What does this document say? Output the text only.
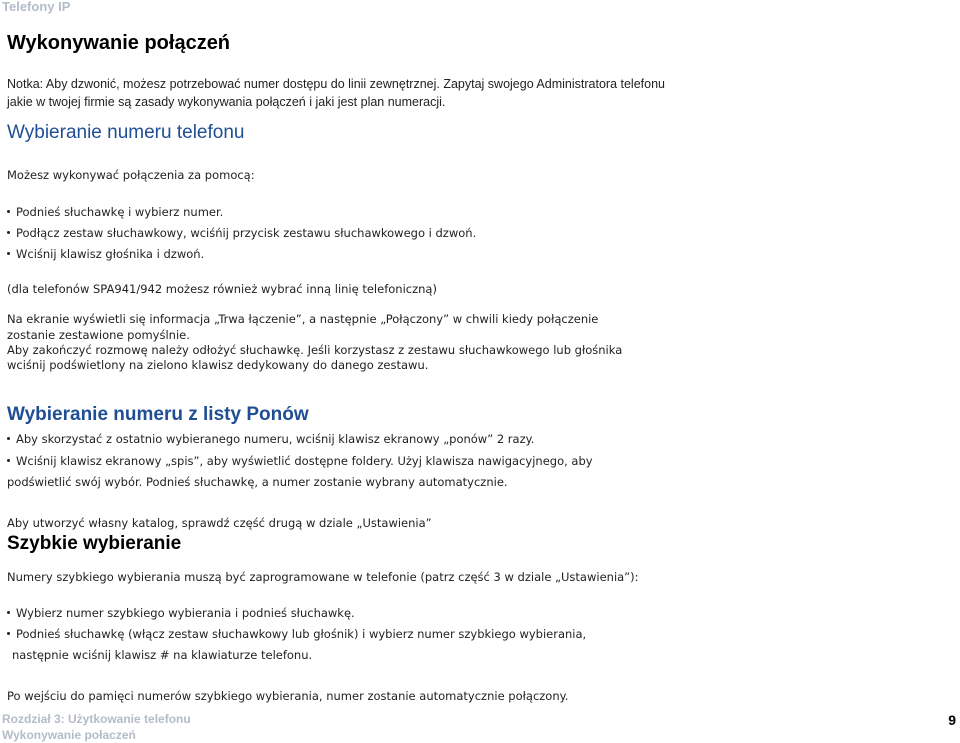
Telefony IP
Wykonywanie połączeń
Notka: Aby dzwonić, możesz potrzebować numer dostępu do linii zewnętrznej. Zapytaj swojego Administratora telefonu
jakie w twojej firmie są zasady wykonywania połączeń i jaki jest plan numeracji.
Wybieranie numeru telefonu
Możesz wykonywać połączenia za pomocą:
Podnieś słuchawkę i wybierz numer.
Podłącz zestaw słuchawkowy, wciśńij przycisk zestawu słuchawkowego i dzwoń.
Wciśnij klawisz głośnika i dzwoń.
(dla telefonów SPA941/942 możesz również wybrać inną linię telefoniczną)
Na ekranie wyświetli się informacja „Trwa łączenie”, a następnie „Połączony” w chwili kiedy połączenie
zostanie zestawione pomyślnie.
Aby zakończyć rozmowę należy odłożyć słuchawkę. Jeśli korzystasz z zestawu słuchawkowego lub głośnika
wciśnij podświetlony na zielono klawisz dedykowany do danego zestawu.
Wybieranie numeru z listy Ponów
Aby skorzystać z ostatnio wybieranego numeru, wciśnij klawisz ekranowy „ponów” 2 razy.
Wciśnij klawisz ekranowy „spis”, aby wyświetlić dostępne foldery. Użyj klawisza nawigacyjnego, aby
podświetlić swój wybór. Podnieś słuchawkę, a numer zostanie wybrany automatycznie.
Aby utworzyć własny katalog, sprawdź część drugą w dziale „Ustawienia”
Szybkie wybieranie
Numery szybkiego wybierania muszą być zaprogramowane w telefonie (patrz część 3 w dziale „Ustawienia”):
Wybierz numer szybkiego wybierania i podnieś słuchawkę.
Podnieś słuchawkę (włącz zestaw słuchawkowy lub głośnik) i wybierz numer szybkiego wybierania,
następnie wciśnij klawisz # na klawiaturze telefonu.
Po wejściu do pamięci numerów szybkiego wybierania, numer zostanie automatycznie połączony.
Rozdział 3: Użytkowanie telefonu
Wykonywanie połaczeń
9
